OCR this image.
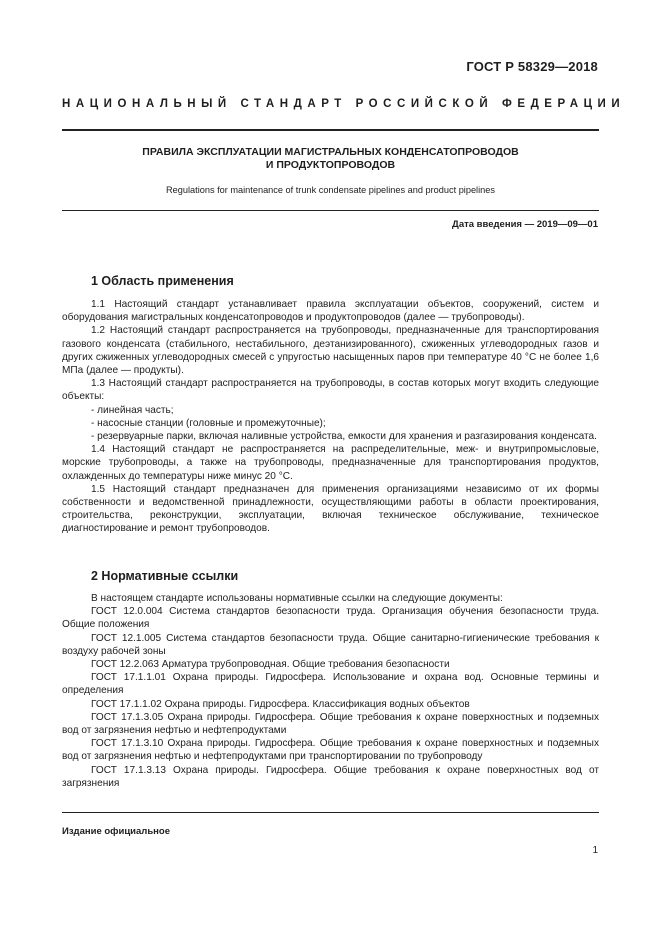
ГОСТ Р 58329—2018
НАЦИОНАЛЬНЫЙ СТАНДАРТ РОССИЙСКОЙ ФЕДЕРАЦИИ
ПРАВИЛА ЭКСПЛУАТАЦИИ МАГИСТРАЛЬНЫХ КОНДЕНСАТОПРОВОДОВ
И ПРОДУКТОПРОВОДОВ
Regulations for maintenance of trunk condensate pipelines and product pipelines
Дата введения — 2019—09—01
1 Область применения

1.1 Настоящий стандарт устанавливает правила эксплуатации объектов, сооружений, систем и оборудования магистральных конденсатопроводов и продуктопроводов (далее — трубопроводы).

1.2 Настоящий стандарт распространяется на трубопроводы, предназначенные для транспортирования газового конденсата (стабильного, нестабильного, деэтанизированного), сжиженных углеводородных газов и других сжиженных углеводородных смесей с упругостью насыщенных паров при температуре 40 °С не более 1,6 МПа (далее — продукты).

1.3 Настоящий стандарт распространяется на трубопроводы, в состав которых могут входить следующие объекты:

- линейная часть;

- насосные станции (головные и промежуточные);

- резервуарные парки, включая наливные устройства, емкости для хранения и разгазирования конденсата.

1.4 Настоящий стандарт не распространяется на распределительные, меж- и внутрипромысловые, морские трубопроводы, а также на трубопроводы, предназначенные для транспортирования продуктов, охлажденных до температуры ниже минус 20 °С.

1.5 Настоящий стандарт предназначен для применения организациями независимо от их формы собственности и ведомственной принадлежности, осуществляющими работы в области проектирования, строительства, реконструкции, эксплуатации, включая техническое обслуживание, техническое диагностирование и ремонт трубопроводов.

2 Нормативные ссылки

В настоящем стандарте использованы нормативные ссылки на следующие документы:

ГОСТ 12.0.004 Система стандартов безопасности труда. Организация обучения безопасности труда. Общие положения

ГОСТ 12.1.005 Система стандартов безопасности труда. Общие санитарно-гигиенические требования к воздуху рабочей зоны

ГОСТ 12.2.063 Арматура трубопроводная. Общие требования безопасности

ГОСТ 17.1.1.01 Охрана природы. Гидросфера. Использование и охрана вод. Основные термины и определения

ГОСТ 17.1.1.02 Охрана природы. Гидросфера. Классификация водных объектов

ГОСТ 17.1.3.05 Охрана природы. Гидросфера. Общие требования к охране поверхностных и подземных вод от загрязнения нефтью и нефтепродуктами

ГОСТ 17.1.3.10 Охрана природы. Гидросфера. Общие требования к охране поверхностных и подземных вод от загрязнения нефтью и нефтепродуктами при транспортировании по трубопроводу

ГОСТ 17.1.3.13 Охрана природы. Гидросфера. Общие требования к охране поверхностных вод от загрязнения

Издание официальное
1
